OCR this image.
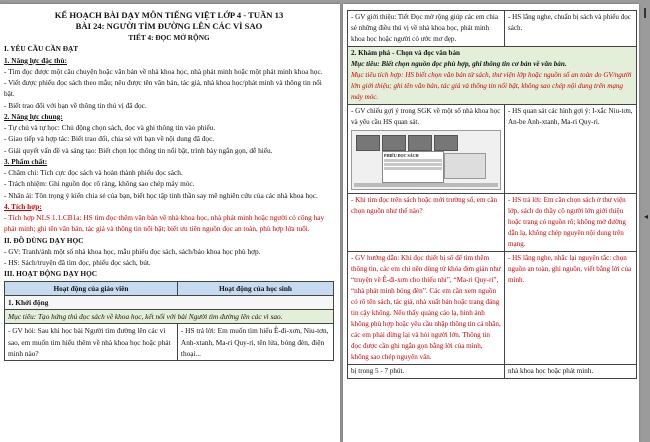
KẾ HOẠCH BÀI DẠY MÔN TIẾNG VIỆT LỚP 4 - TUẦN 13

BÀI 24: NGƯỜI TÌM ĐƯỜNG LÊN CÁC VÌ SAO

TIẾT 4: ĐỌC MỞ RỘNG

I. YÊU CẦU CẦN ĐẠT

1. Năng lực đặc thù:

- Tìm đọc được một câu chuyện hoặc văn bản về nhà khoa học, nhà phát minh hoặc một phát minh khoa học.

- Viết được phiếu đọc sách theo mẫu; nêu được tên văn bản, tác giả, nhà khoa học/phát minh và thông tin nổi bật.

- Biết trao đổi với bạn về thông tin thú vị đã đọc.

2. Năng lực chung:

- Tự chủ và tự học: Chủ động chọn sách, đọc và ghi thông tin vào phiếu.

- Giao tiếp và hợp tác: Biết trao đổi, chia sẻ với bạn về nội dung đã đọc.

- Giải quyết vấn đề và sáng tạo: Biết chọn lọc thông tin nổi bật, trình bày ngắn gọn, dễ hiểu.

3. Phẩm chất:

- Chăm chỉ: Tích cực đọc sách và hoàn thành phiếu đọc sách.

- Trách nhiệm: Ghi nguồn đọc rõ ràng, không sao chép máy móc.

- Nhân ái: Tôn trọng ý kiến chia sẻ của bạn, biết học tập tinh thần say mê nghiên cứu của các nhà khoa học.

4. Tích hợp:

- Tích hợp NLS 1.1.CB1a: HS tìm đọc thêm văn bản về nhà khoa học, nhà phát minh hoặc người có công hay phát minh; ghi tên văn bản, tác giả và thông tin nổi bật; biết ưu tiên nguồn đọc an toàn, phù hợp lứa tuổi.

II. ĐỒ DÙNG DẠY HỌC

- GV: Tranh/ảnh một số nhà khoa học, mẫu phiếu đọc sách, sách/báo khoa học phù hợp.

- HS: Sách/truyện đã tìm đọc, phiếu đọc sách, bút.

III. HOẠT ĐỘNG DẠY HỌC

Hoạt động của giáo viên	Hoạt động của học sinh
1. Khởi động	
Mục tiêu: Tạo hứng thú đọc sách về khoa học, kết nối với bài Người tìm đường lên các vì sao.	
- GV hỏi: Sau khi học bài Người tìm đường lên các vì sao, em muốn tìm hiểu thêm về nhà khoa học hoặc phát minh nào?	- HS trả lời: Em muốn tìm hiểu Ê-đi-xơn, Niu-tơn, Anh-xtanh, Ma-ri Quy-ri, tên lửa, bóng đèn, điện thoại...
- GV giới thiệu: Tiết Đọc mở rộng giúp các em chia sẻ những điều thú vị về nhà khoa học, phát minh khoa học hoặc người có ước mơ đẹp.	- HS lắng nghe, chuẩn bị sách và phiếu đọc sách.

2. Khám phá - Chọn và đọc văn bản
Mục tiêu: Biết chọn nguồn đọc phù hợp, ghi thông tin cơ bản về văn bản.
Mục tiêu tích hợp: HS biết chọn văn bản từ sách, thư viện lớp hoặc nguồn số an toàn do GV/người lớn giới thiệu; ghi tên văn bản, tác giả và thông tin nổi bật, không sao chép nội dung trên mạng máy móc.	

- GV chiếu gợi ý trong SGK về một số nhà khoa học và yêu cầu HS quan sát.
PHIẾU ĐỌC SÁCH	- HS quan sát các hình gợi ý: I-xắc Niu-tơn, An-be Anh-xtanh, Ma-ri Quy-ri.
- Khi tìm đọc trên sách hoặc mới trường số, em cần chọn nguồn như thế nào?	- HS trả lời: Em cần chọn sách ở thư viện lớp, sách do thầy cô người lớn giới thiệu hoặc trang có nguồn rõ; không mở đường dẫn lạ, không chép nguyên nội dung trên mạng.
- GV hướng dẫn: Khi đọc thiết bị số để tìm thêm thông tin, các em chỉ nên dùng từ khóa đơn giản như “truyện về Ê-đi-xơn cho thiếu nhi”, “Ma-ri Quy-ri”, “nhà phát minh bóng đèn”. Các em cần xem nguồn có rõ tên sách, tác giả, nhà xuất bản hoặc trang đáng tin cậy không. Nếu thấy quảng cáo lạ, hình ảnh không phù hợp hoặc yêu cầu nhập thông tin cá nhân, các em phải dừng lại và hỏi người lớn. Thông tin đọc được cần ghi ngắn gọn bằng lời của mình, không sao chép nguyên văn.	- HS lắng nghe, nhắc lại nguyên tắc: chọn nguồn an toàn, ghi nguồn, viết bằng lời của mình.
bị trong 5 - 7 phút.	nhà khoa học hoặc phát minh.
◂
